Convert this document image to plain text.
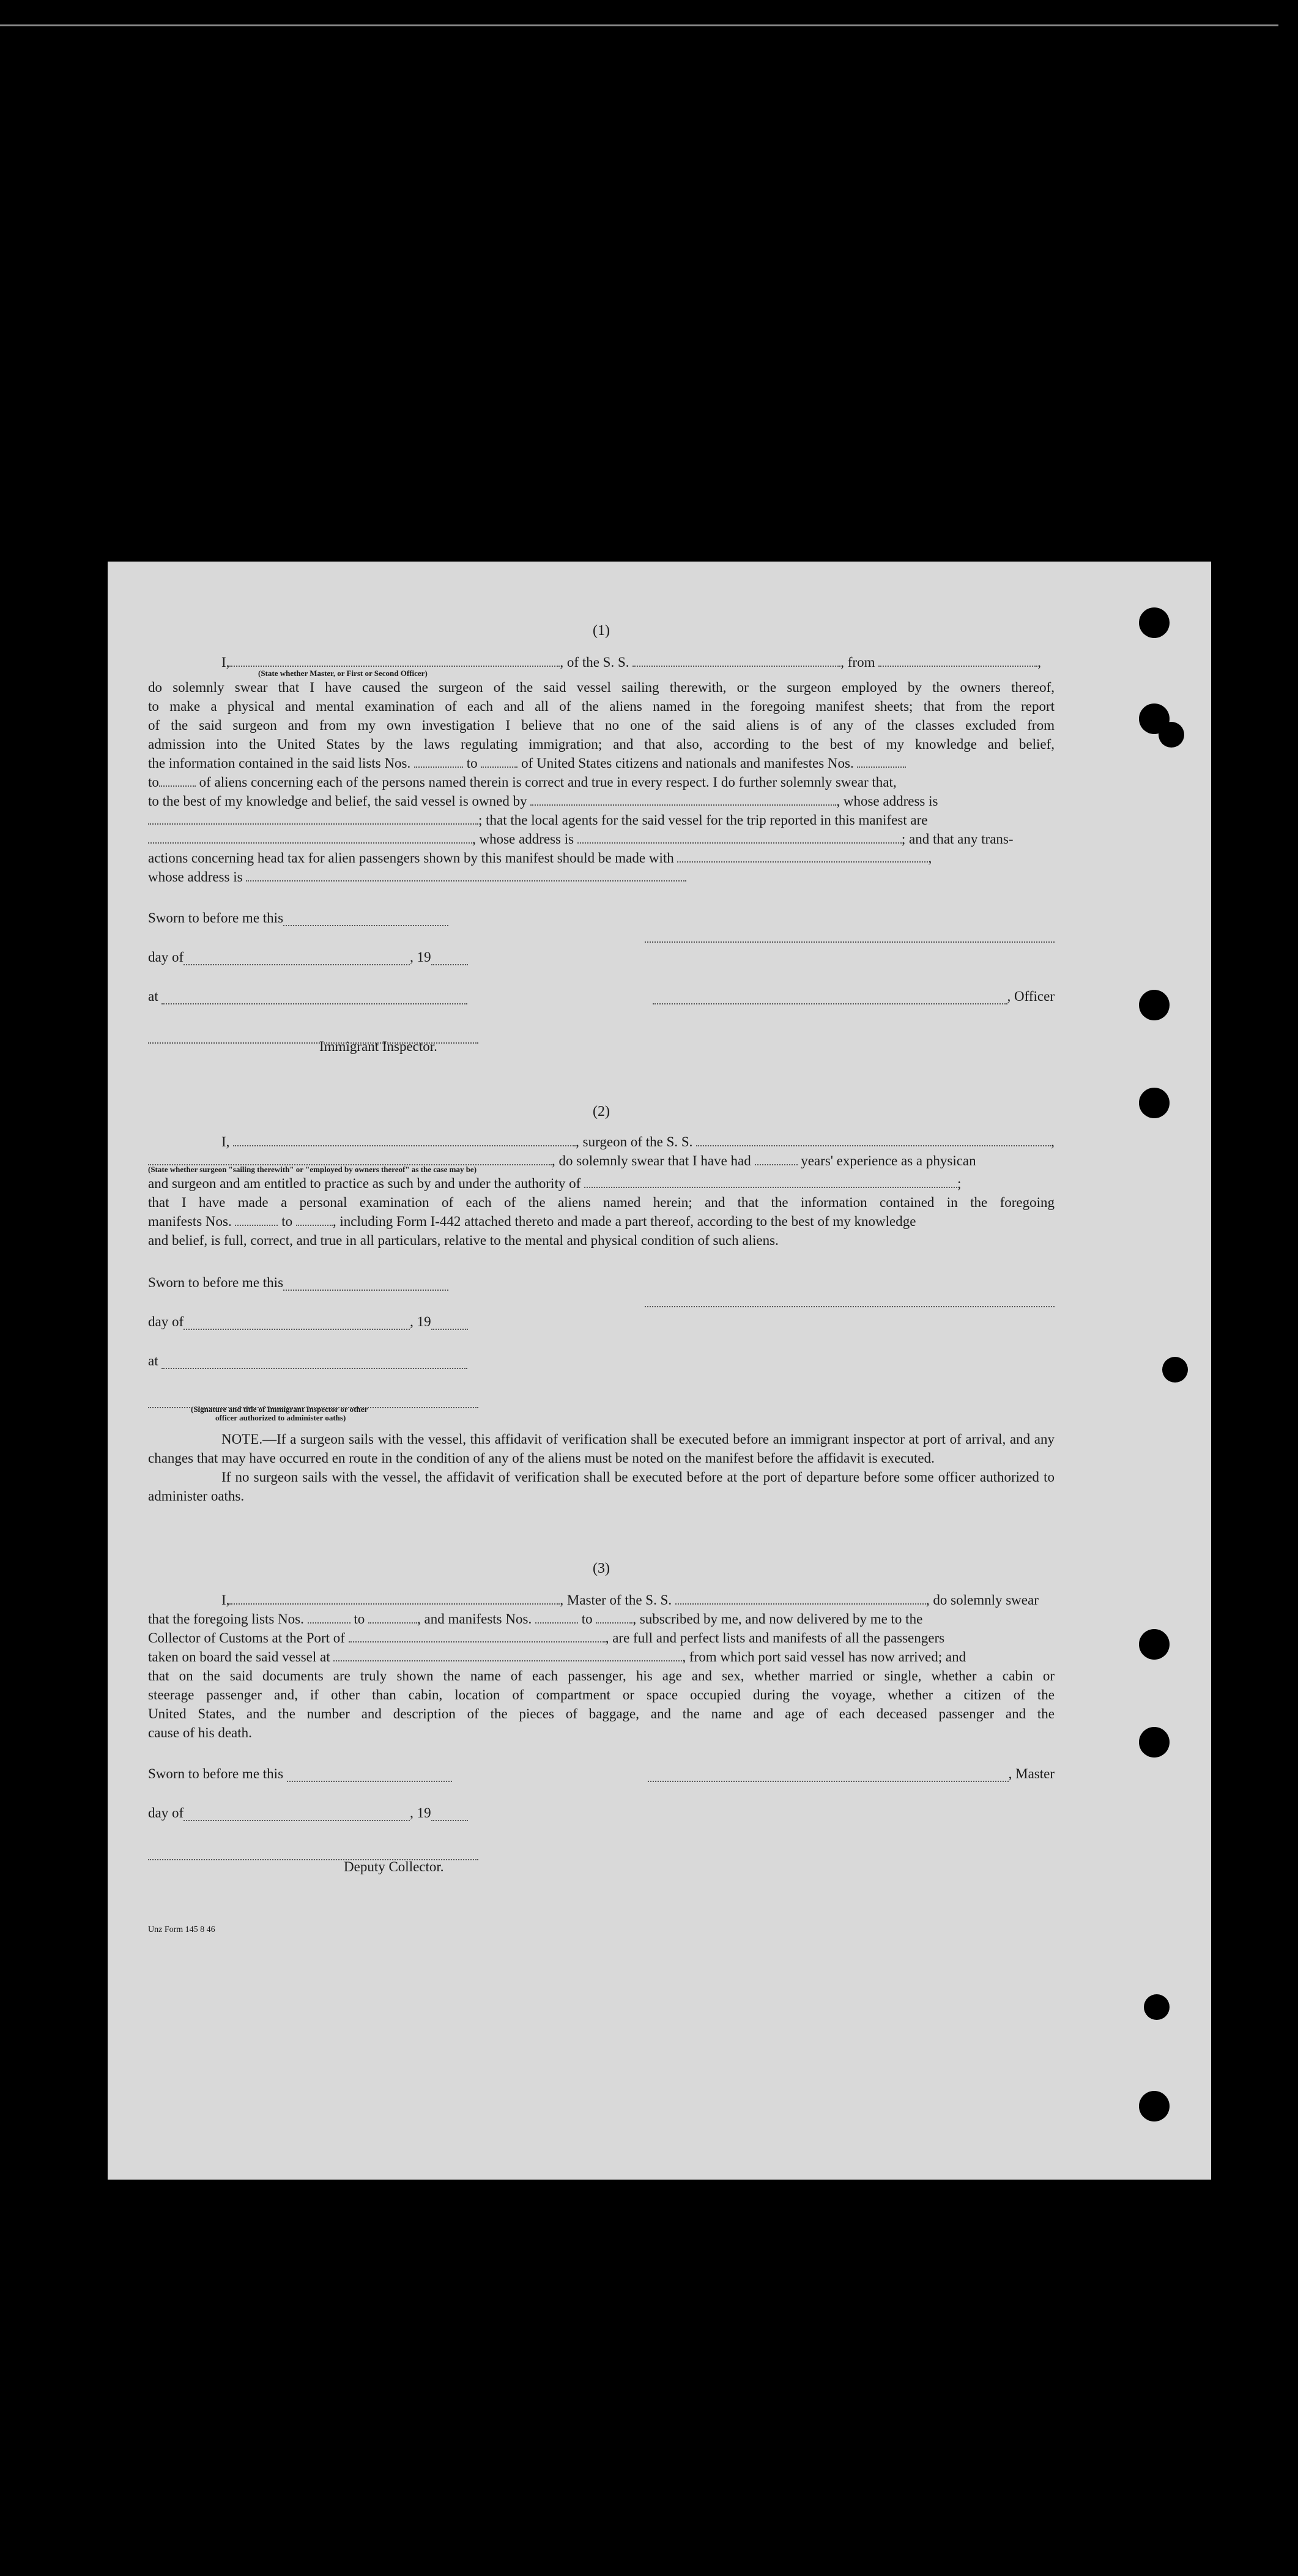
(1)
I,	, of the S. S.	, from	,
(State whether Master, or First or Second Officer)
do solemnly swear that I have caused the surgeon of the said vessel sailing therewith, or the surgeon employed by the owners thereof,
to make a physical and mental examination of each and all of the aliens named in the foregoing manifest sheets; that from the report
of the said surgeon and from my own investigation I believe that no one of the said aliens is of any of the classes excluded from
admission into the United States by the laws regulating immigration; and that also, according to the best of my knowledge and belief,
the information contained in the said lists Nos.	to	of United States citizens and nationals and manifestes Nos.
to	of aliens concerning each of the persons named therein is correct and true in every respect. I do further solemnly swear that,
to the best of my knowledge and belief, the said vessel is owned by	, whose address is
; that the local agents for the said vessel for the trip reported in this manifest are
, whose address is	; and that any trans-
actions concerning head tax for alien passengers shown by this manifest should be made with	,
whose address is
Sworn to before me this
day of	, 19
at	, Officer
Immigrant Inspector.
(2)
I,	, surgeon of the S. S.	,
, do solemnly swear that I have had	years' experience as a physican
(State whether surgeon "sailing therewith" or "employed by owners thereof" as the case may be)
and surgeon and am entitled to practice as such by and under the authority of	;
that I have made a personal examination of each of the aliens named herein; and that the information contained in the foregoing
manifests Nos.	to	, including Form I-442 attached thereto and made a part thereof, according to the best of my knowledge
and belief, is full, correct, and true in all particulars, relative to the mental and physical condition of such aliens.
Sworn to before me this
day of	, 19
at
(Signature and title of Immigrant Inspector or other
officer authorized to administer oaths)

NOTE.—If a surgeon sails with the vessel, this affidavit of verification shall be executed before an immigrant inspector at port of arrival, and any changes that may have occurred en route in the condition of any of the aliens must be noted on the manifest before the affidavit is executed.

If no surgeon sails with the vessel, the affidavit of verification shall be executed before at the port of departure before some officer authorized to administer oaths.

(3)
I,	, Master of the S. S.	, do solemnly swear
that the foregoing lists Nos.	to	, and manifests Nos.	to	, subscribed by me, and now delivered by me to the
Collector of Customs at the Port of	, are full and perfect lists and manifests of all the passengers
taken on board the said vessel at	, from which port said vessel has now arrived; and
that on the said documents are truly shown the name of each passenger, his age and sex, whether married or single, whether a cabin or
steerage passenger and, if other than cabin, location of compartment or space occupied during the voyage, whether a citizen of the
United States, and the number and description of the pieces of baggage, and the name and age of each deceased passenger and the
cause of his death.
Sworn to before me this	, Master
day of	, 19
Deputy Collector.
Unz Form 145 8 46
